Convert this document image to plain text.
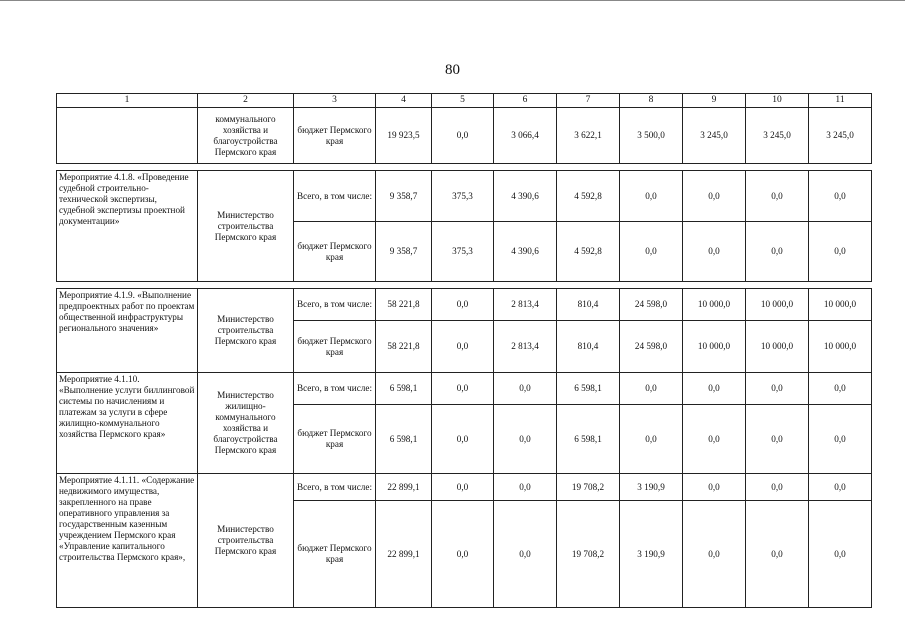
80
1	2	3	4	5	6	7	8	9	10	11
	коммунального хозяйства и благоустройства Пермского края	бюджет Пермского края	19 923,5	0,0	3 066,4	3 622,1	3 500,0	3 245,0	3 245,0	3 245,0

Мероприятие 4.1.8. «Проведение судебной строительно-технической экспертизы, судебной экспертизы проектной документации»	Министерство строительства Пермского края	Всего, в том числе:	9 358,7	375,3	4 390,6	4 592,8	0,0	0,0	0,0	0,0
		бюджет Пермского края	9 358,7	375,3	4 390,6	4 592,8	0,0	0,0	0,0	0,0

Мероприятие 4.1.9. «Выполнение предпроектных работ по проектам общественной инфраструктуры регионального значения»	Министерство строительства Пермского края	Всего, в том числе:	58 221,8	0,0	2 813,4	810,4	24 598,0	10 000,0	10 000,0	10 000,0
		бюджет Пермского края	58 221,8	0,0	2 813,4	810,4	24 598,0	10 000,0	10 000,0	10 000,0
Мероприятие 4.1.10. «Выполнение услуги биллинговой системы по начислениям и платежам за услуги в сфере жилищно-коммунального хозяйства Пермского края»	Министерство жилищно-коммунального хозяйства и благоустройства Пермского края	Всего, в том числе:	6 598,1	0,0	0,0	6 598,1	0,0	0,0	0,0	0,0
		бюджет Пермского края	6 598,1	0,0	0,0	6 598,1	0,0	0,0	0,0	0,0
Мероприятие 4.1.11. «Содержание недвижимого имущества, закрепленного на праве оперативного управления за государственным казенным учреждением Пермского края «Управление капитального строительства Пермского края»,	Министерство строительства Пермского края	Всего, в том числе:	22 899,1	0,0	0,0	19 708,2	3 190,9	0,0	0,0	0,0
		бюджет Пермского края	22 899,1	0,0	0,0	19 708,2	3 190,9	0,0	0,0	0,0
